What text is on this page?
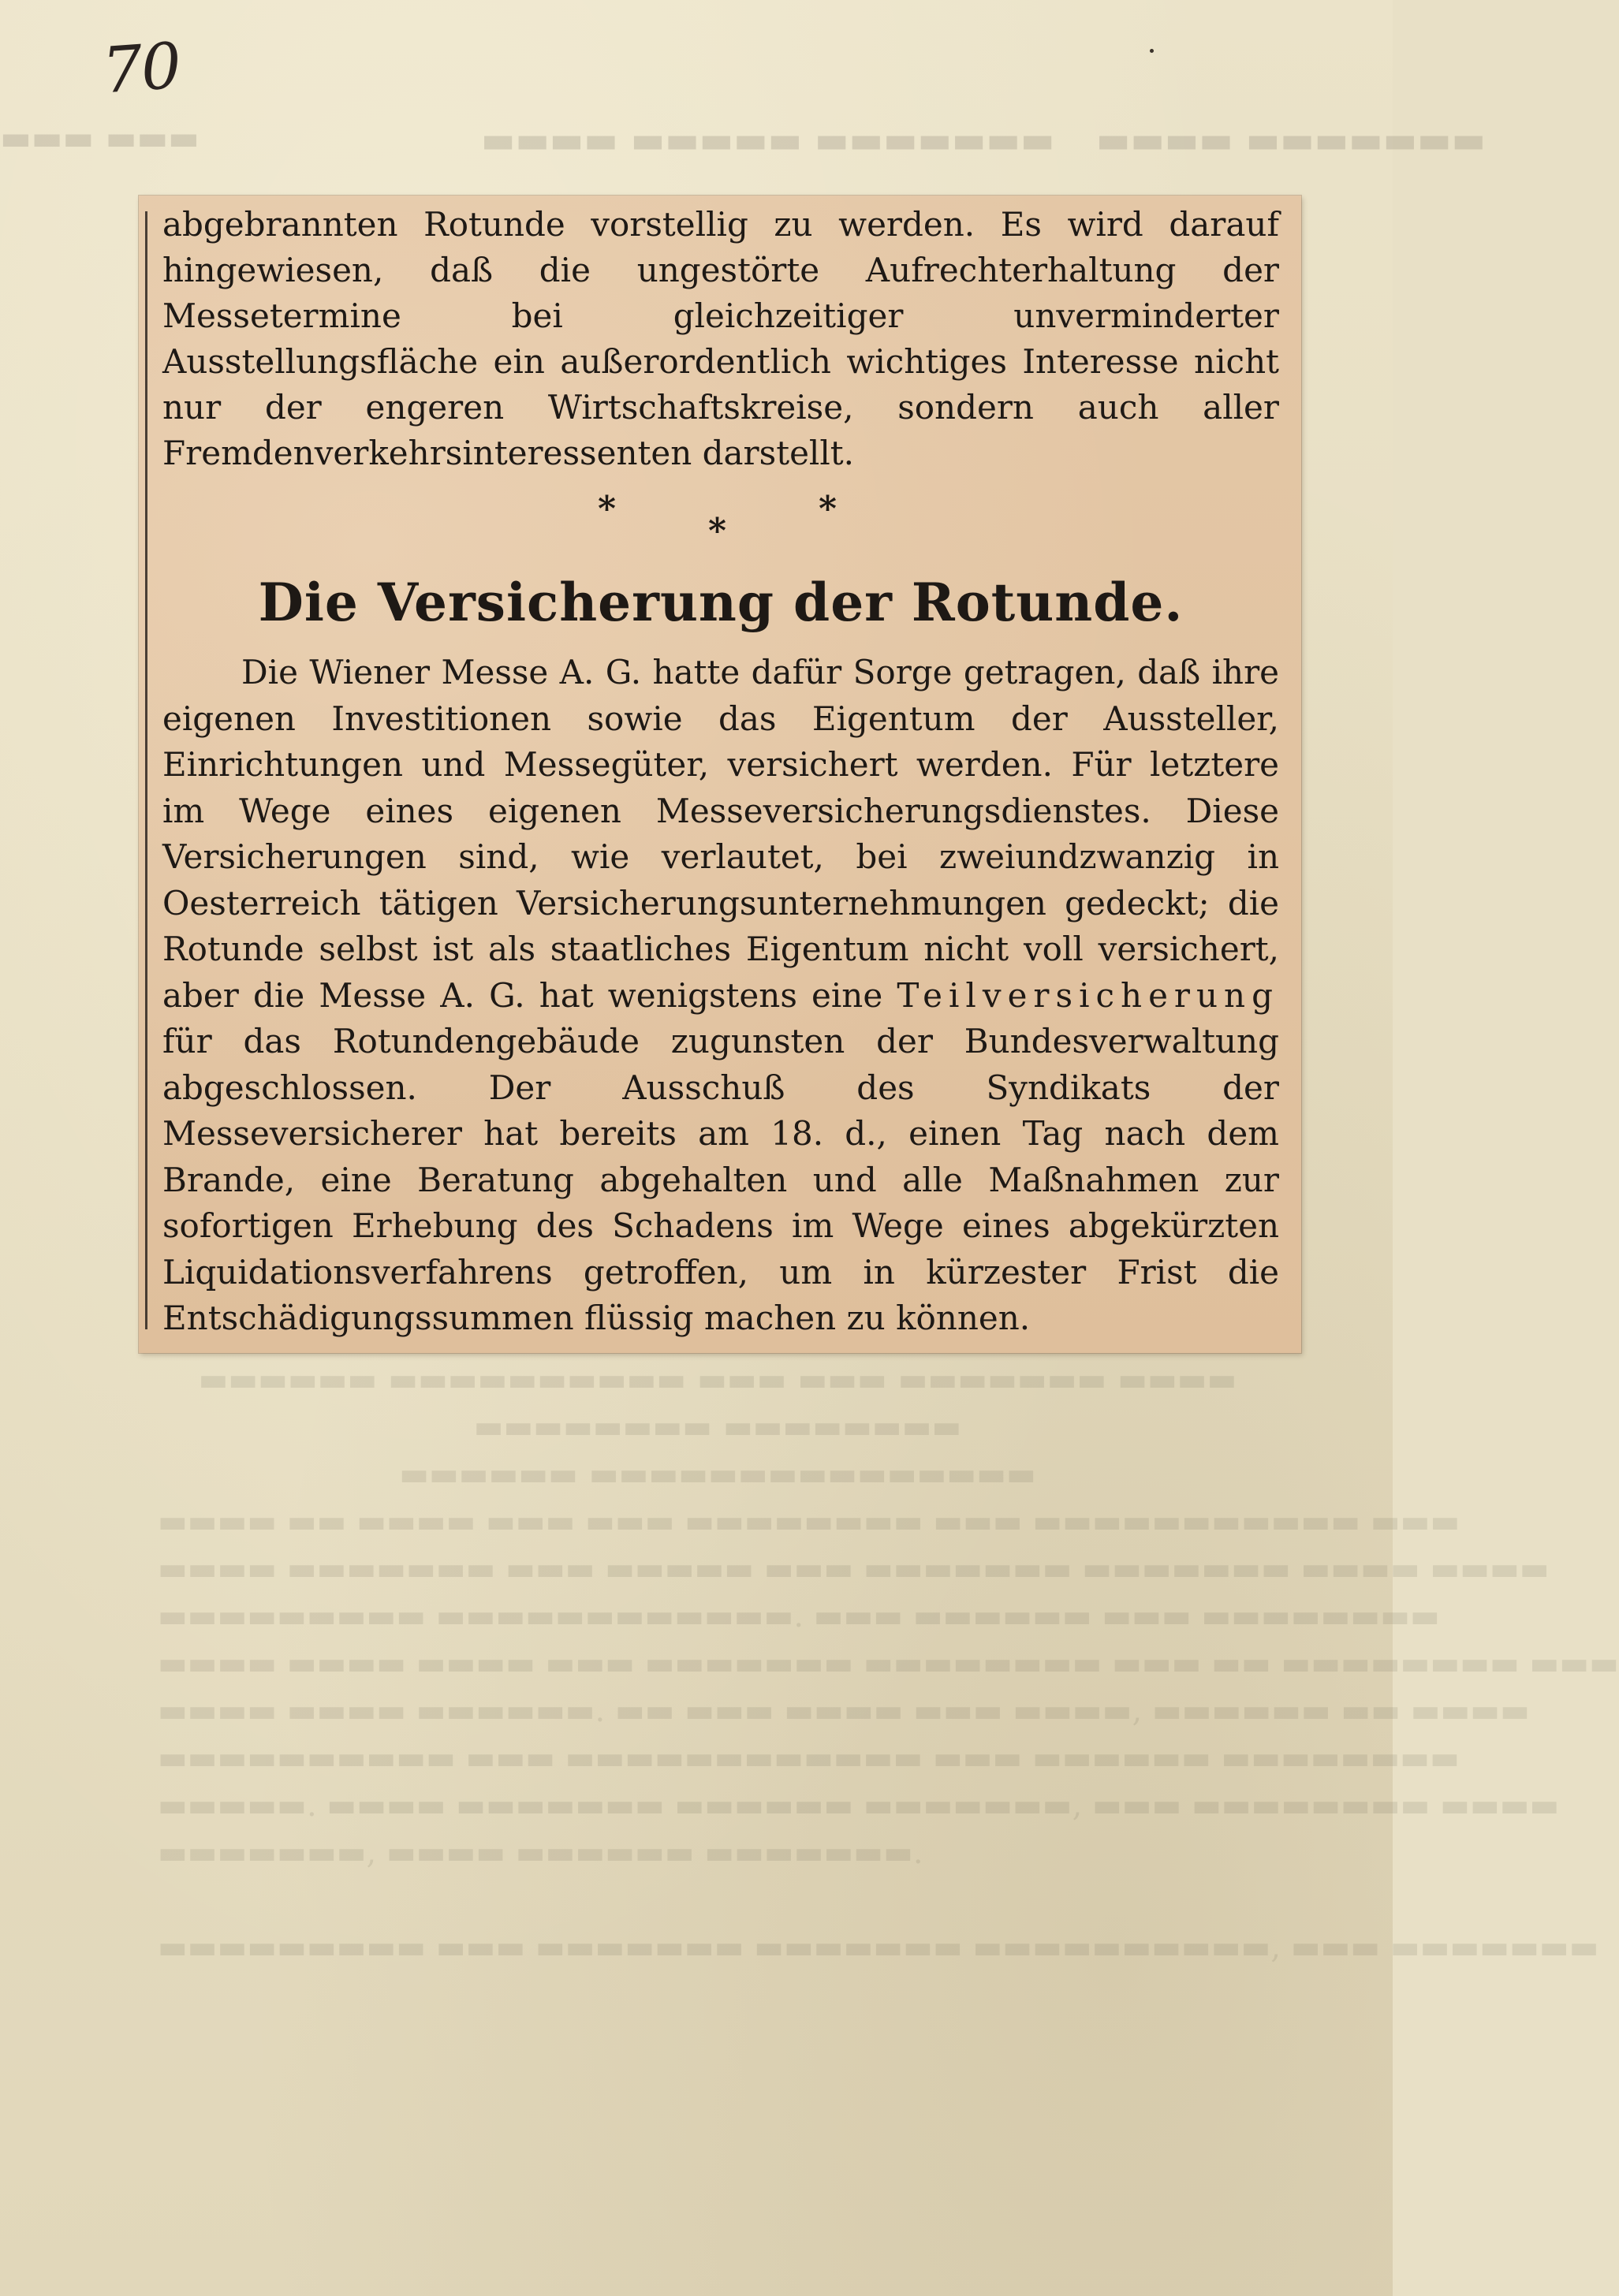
70
▬▬▬ ▬▬▬	▬▬▬▬ ▬▬▬▬▬ ▬▬▬▬▬▬▬ ▬▬▬▬ ▬▬▬▬▬▬▬

▬▬▬▬▬▬ ▬▬▬▬▬▬▬▬▬▬ ▬▬▬ ▬▬▬ ▬▬▬▬▬▬▬ ▬▬▬▬

▬▬▬▬▬▬▬▬ ▬▬▬▬▬▬▬▬

▬▬▬▬▬▬ ▬▬▬▬▬▬▬▬▬▬▬▬▬▬▬

▬▬▬▬ ▬▬ ▬▬▬▬ ▬▬▬ ▬▬▬ ▬▬▬▬▬▬▬▬ ▬▬▬ ▬▬▬▬▬▬▬▬▬▬▬ ▬▬▬

▬▬▬▬ ▬▬▬▬▬▬▬ ▬▬▬ ▬▬▬▬▬ ▬▬▬ ▬▬▬▬▬▬▬ ▬▬▬▬▬▬▬ ▬▬▬▬ ▬▬▬▬

▬▬▬▬▬▬▬▬▬ ▬▬▬▬▬▬▬▬▬▬▬▬. ▬▬▬ ▬▬▬▬▬▬ ▬▬▬ ▬▬▬▬▬▬▬▬

▬▬▬▬ ▬▬▬▬ ▬▬▬▬ ▬▬▬ ▬▬▬▬▬▬▬ ▬▬▬▬▬▬▬▬ ▬▬▬ ▬▬ ▬▬▬▬▬▬▬▬ ▬▬▬

▬▬▬▬ ▬▬▬▬ ▬▬▬▬▬▬. ▬▬ ▬▬▬ ▬▬▬▬ ▬▬▬ ▬▬▬▬, ▬▬▬▬▬▬ ▬▬ ▬▬▬▬

▬▬▬▬▬▬▬▬▬▬ ▬▬▬ ▬▬▬▬▬▬▬▬▬▬▬▬ ▬▬▬ ▬▬▬▬▬▬ ▬▬▬▬▬▬▬▬

▬▬▬▬▬. ▬▬▬▬ ▬▬▬▬▬▬▬ ▬▬▬▬▬▬ ▬▬▬▬▬▬▬, ▬▬▬ ▬▬▬▬▬▬▬▬ ▬▬▬▬

▬▬▬▬▬▬▬, ▬▬▬▬ ▬▬▬▬▬▬ ▬▬▬▬▬▬▬.

▬▬▬▬▬▬▬▬▬ ▬▬▬ ▬▬▬▬▬▬▬ ▬▬▬▬▬▬▬ ▬▬▬▬▬▬▬▬▬▬, ▬▬▬ ▬▬▬▬▬▬▬

abgebrannten Rotunde vorstellig zu werden. Es wird darauf hingewiesen, daß die ungestörte Aufrechterhaltung der Messetermine bei gleichzeitiger unverminderter Ausstellungsfläche ein außerordentlich wichtiges Interesse nicht nur der engeren Wirtschaftskreise, sondern auch aller Fremdenverkehrsinteressenten darstellt.

*
*
*
Die Versicherung der Rotunde.

Die Wiener Messe A. G. hatte dafür Sorge getragen, daß ihre eigenen Investitionen sowie das Eigentum der Aussteller, Einrichtungen und Messegüter, versichert werden. Für letztere im Wege eines eigenen Messeversicherungsdienstes. Diese Versicherungen sind, wie verlautet, bei zweiundzwanzig in Oesterreich tätigen Versicherungsunternehmungen gedeckt; die Rotunde selbst ist als staatliches Eigentum nicht voll versichert, aber die Messe A. G. hat wenigstens eine Teilversicherung für das Rotundengebäude zugunsten der Bundesverwaltung abgeschlossen. Der Ausschuß des Syndikats der Messeversicherer hat bereits am 18. d., einen Tag nach dem Brande, eine Beratung abgehalten und alle Maßnahmen zur sofortigen Erhebung des Schadens im Wege eines abgekürzten Liquidationsverfahrens getroffen, um in kürzester Frist die Entschädigungssummen flüssig machen zu können.
